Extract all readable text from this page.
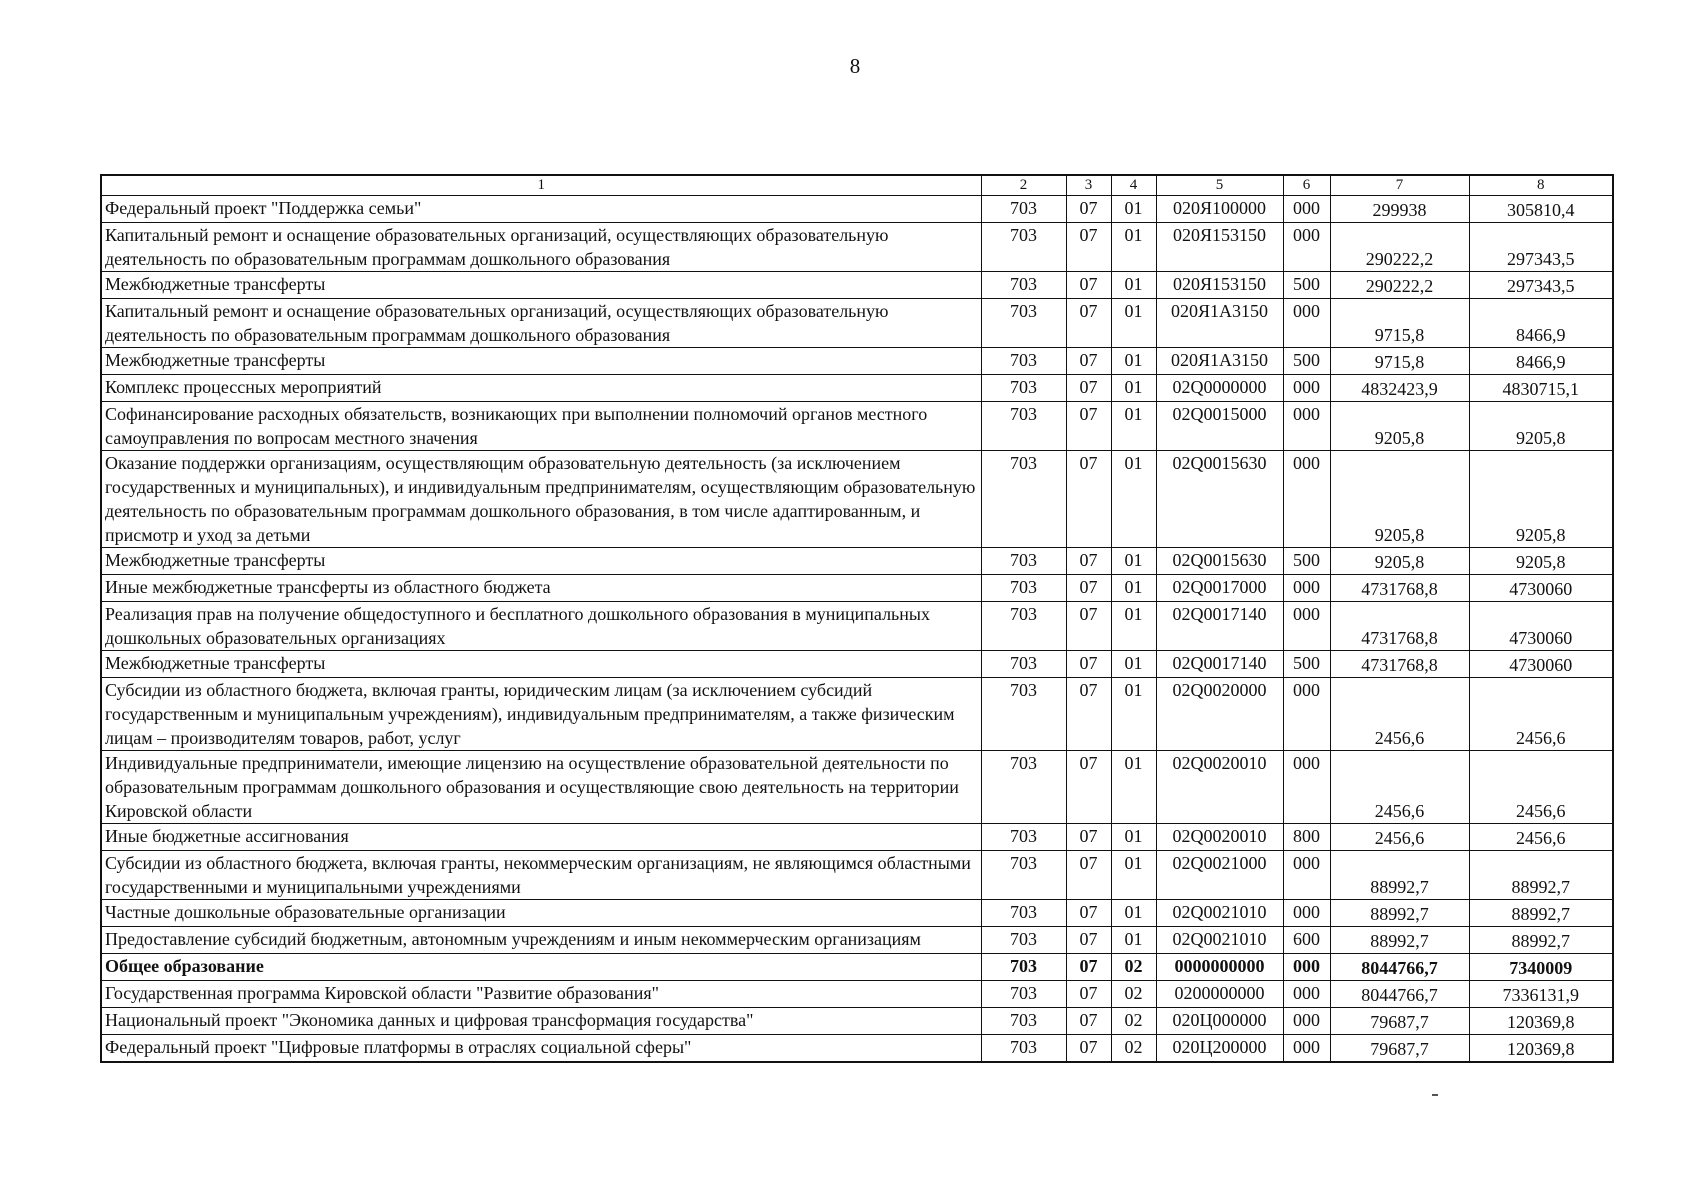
8
1	2	3	4	5	6	7	8
Федеральный проект "Поддержка семьи"	703	07	01	020Я100000	000	299938	305810,4
Капитальный ремонт и оснащение образовательных организаций, осуществляющих образовательную деятельность по образовательным программам дошкольного образования	703	07	01	020Я153150	000	290222,2	297343,5
Межбюджетные трансферты	703	07	01	020Я153150	500	290222,2	297343,5
Капитальный ремонт и оснащение образовательных организаций, осуществляющих образовательную деятельность по образовательным программам дошкольного образования	703	07	01	020Я1А3150	000	9715,8	8466,9
Межбюджетные трансферты	703	07	01	020Я1А3150	500	9715,8	8466,9
Комплекс процессных мероприятий	703	07	01	02Q0000000	000	4832423,9	4830715,1
Софинансирование расходных обязательств, возникающих при выполнении полномочий органов местного самоуправления по вопросам местного значения	703	07	01	02Q0015000	000	9205,8	9205,8
Оказание поддержки организациям, осуществляющим образовательную деятельность (за исключением государственных и муниципальных), и индивидуальным предпринимателям, осуществляющим образовательную деятельность по образовательным программам дошкольного образования, в том числе адаптированным, и присмотр и уход за детьми	703	07	01	02Q0015630	000	9205,8	9205,8
Межбюджетные трансферты	703	07	01	02Q0015630	500	9205,8	9205,8
Иные межбюджетные трансферты из областного бюджета	703	07	01	02Q0017000	000	4731768,8	4730060
Реализация прав на получение общедоступного и бесплатного дошкольного образования в муниципальных дошкольных образовательных организациях	703	07	01	02Q0017140	000	4731768,8	4730060
Межбюджетные трансферты	703	07	01	02Q0017140	500	4731768,8	4730060
Субсидии из областного бюджета, включая гранты, юридическим лицам (за исключением субсидий государственным и муниципальным учреждениям), индивидуальным предпринимателям, а также физическим лицам – производителям товаров, работ, услуг	703	07	01	02Q0020000	000	2456,6	2456,6
Индивидуальные предприниматели, имеющие лицензию на осуществление образовательной деятельности по образовательным программам дошкольного образования и осуществляющие свою деятельность на территории Кировской области	703	07	01	02Q0020010	000	2456,6	2456,6
Иные бюджетные ассигнования	703	07	01	02Q0020010	800	2456,6	2456,6
Субсидии из областного бюджета, включая гранты, некоммерческим организациям, не являющимся областными государственными и муниципальными учреждениями	703	07	01	02Q0021000	000	88992,7	88992,7
Частные дошкольные образовательные организации	703	07	01	02Q0021010	000	88992,7	88992,7
Предоставление субсидий бюджетным, автономным учреждениям и иным некоммерческим организациям	703	07	01	02Q0021010	600	88992,7	88992,7
Общее образование	703	07	02	0000000000	000	8044766,7	7340009
Государственная программа Кировской области "Развитие образования"	703	07	02	0200000000	000	8044766,7	7336131,9
Национальный проект "Экономика данных и цифровая трансформация государства"	703	07	02	020Ц000000	000	79687,7	120369,8
Федеральный проект "Цифровые платформы в отраслях социальной сферы"	703	07	02	020Ц200000	000	79687,7	120369,8
